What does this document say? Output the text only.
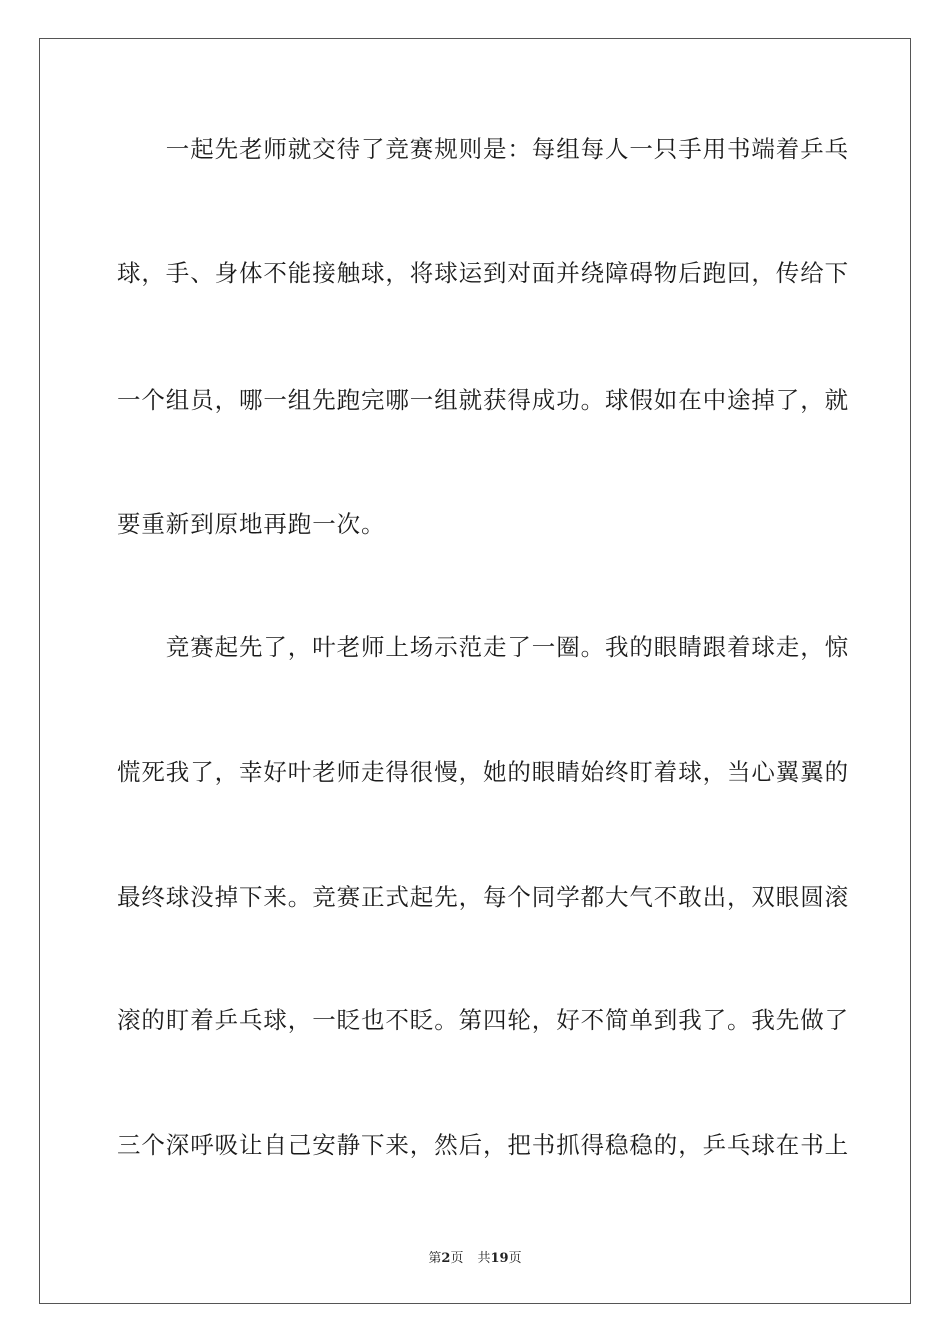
　　一起先老师就交待了竞赛规则是：每组每人一只手用书端着乒乓
球，手、身体不能接触球，将球运到对面并绕障碍物后跑回，传给下
一个组员，哪一组先跑完哪一组就获得成功。球假如在中途掉了，就
要重新到原地再跑一次。
　　竞赛起先了，叶老师上场示范走了一圈。我的眼睛跟着球走，惊
慌死我了，幸好叶老师走得很慢，她的眼睛始终盯着球，当心翼翼的
最终球没掉下来。竞赛正式起先，每个同学都大气不敢出，双眼圆滚
滚的盯着乒乓球，一眨也不眨。第四轮，好不简单到我了。我先做了
三个深呼吸让自己安静下来，然后，把书抓得稳稳的，乒乓球在书上
第2页 共19页
